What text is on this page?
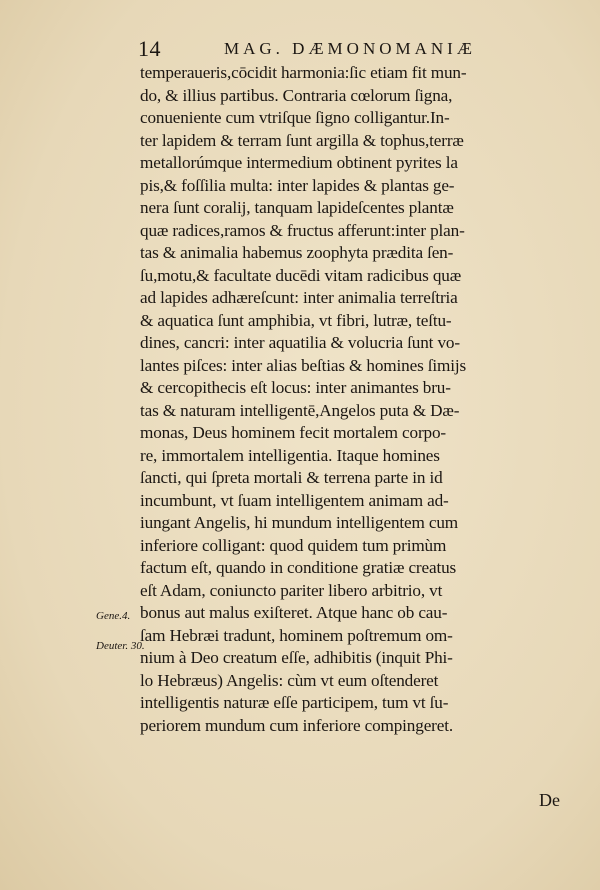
14	MAG. DÆMONOMANIÆ
temperaueris,cōcidit harmonia:ſic etiam fit mun-
do, & illius partibus. Contraria cœlorum ſigna,
conueniente cum vtriſque ſigno colligantur.In-
ter lapidem & terram ſunt argilla & tophus,terræ
metallorúmque intermedium obtinent pyrites la
pis,& foſſilia multa: inter lapides & plantas ge-
nera ſunt coralij, tanquam lapideſcentes plantæ
quæ radices,ramos & fructus afferunt:inter plan-
tas & animalia habemus zoophyta prædita ſen-
ſu,motu,& facultate ducēdi vitam radicibus quæ
ad lapides adhæreſcunt: inter animalia terreſtria
& aquatica ſunt amphibia, vt fibri, lutræ, teſtu-
dines, cancri: inter aquatilia & volucria ſunt vo-
lantes piſces: inter alias beſtias & homines ſimijs
& cercopithecis eſt locus: inter animantes bru-
tas & naturam intelligentē,Angelos puta & Dæ-
monas, Deus hominem fecit mortalem corpo-
re, immortalem intelligentia. Itaque homines
ſancti, qui ſpreta mortali & terrena parte in id
incumbunt, vt ſuam intelligentem animam ad-
iungant Angelis, hi mundum intelligentem cum
inferiore colligant: quod quidem tum primùm
factum eſt, quando in conditione gratiæ creatus
eſt Adam, coniuncto pariter libero arbitrio, vt
bonus aut malus exiſteret. Atque hanc ob cau-
ſam Hebræi tradunt, hominem poſtremum om-
nium à Deo creatum eſſe, adhibitis (inquit Phi-
lo Hebræus) Angelis: cùm vt eum oſtenderet
intelligentis naturæ eſſe participem, tum vt ſu-
periorem mundum cum inferiore compingeret.
Gene.4.
Deuter. 30.
De
